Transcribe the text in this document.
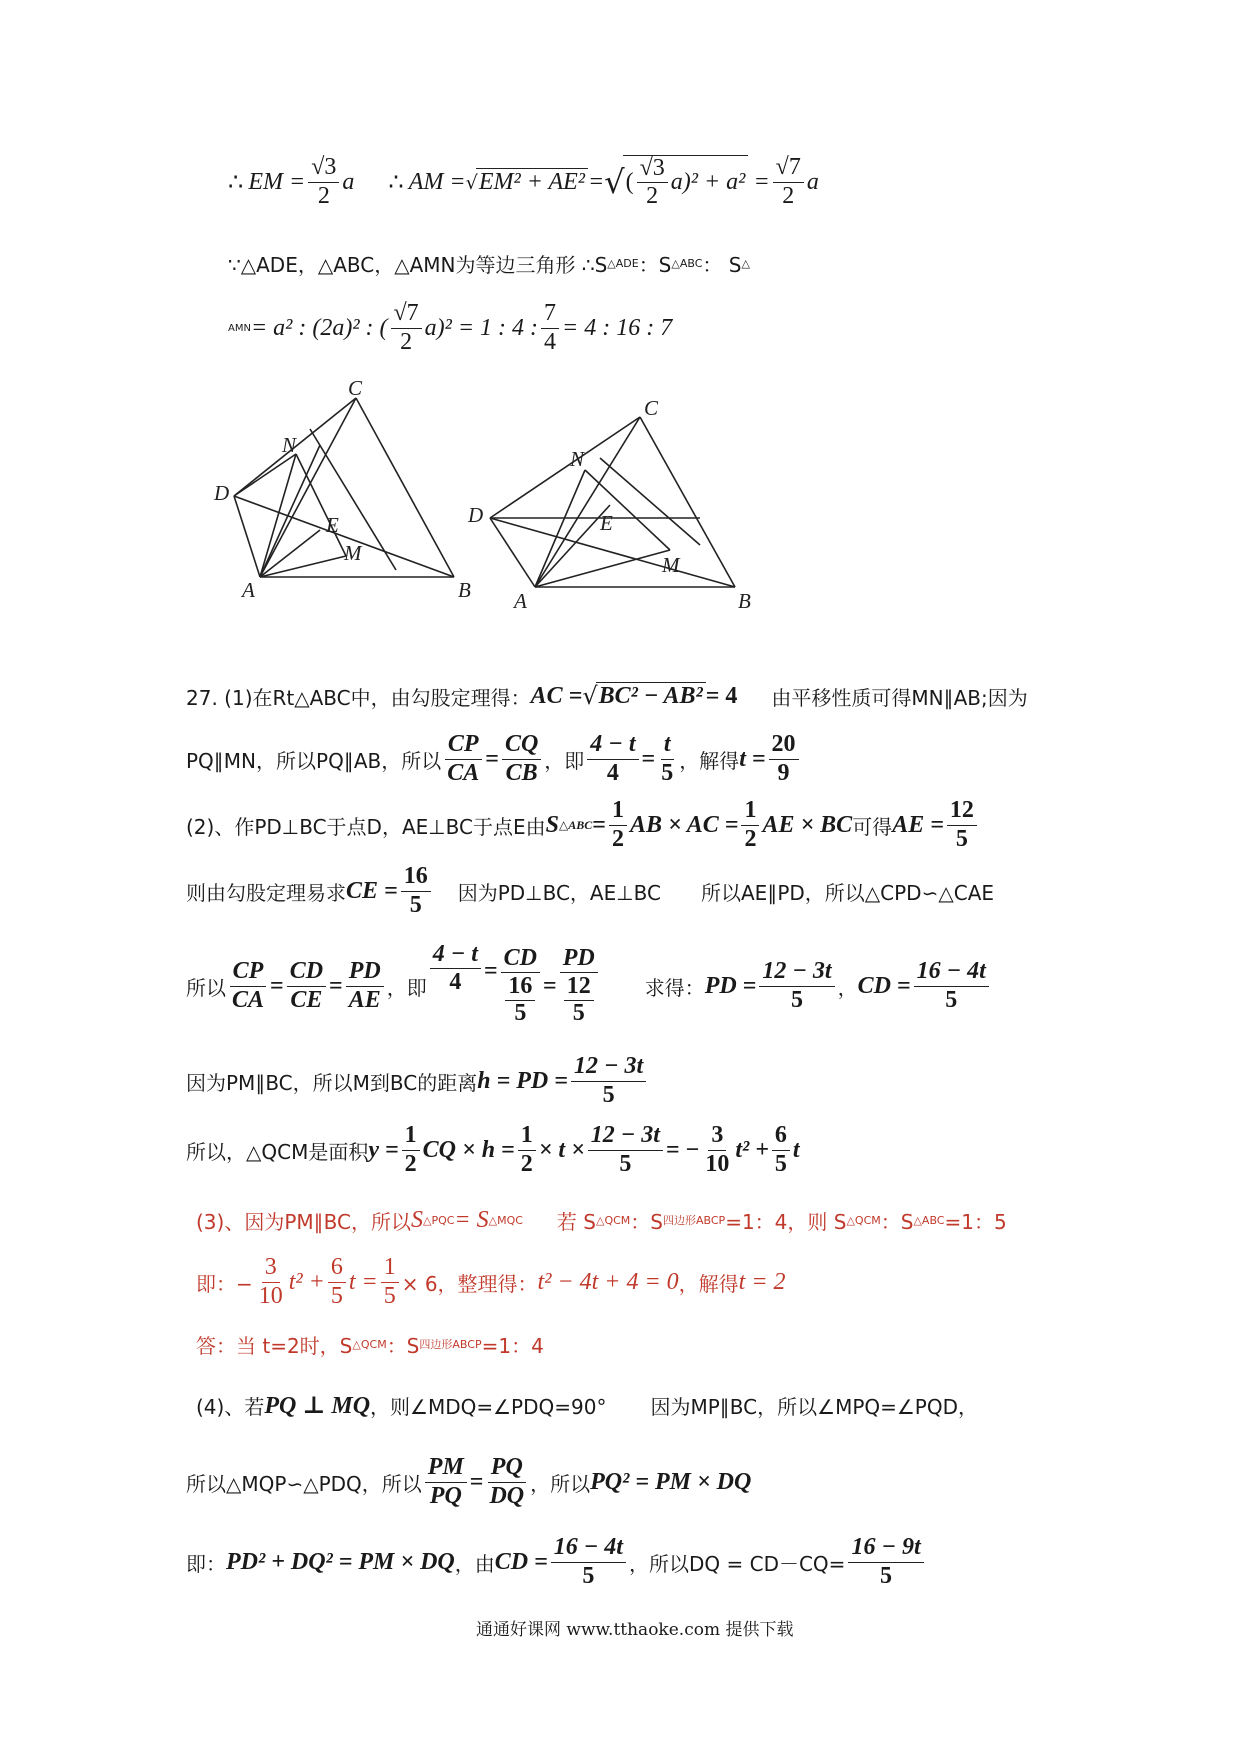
∴
EM = $\frac{√3}{2}$ a ∴
AM = √ EM² + AE² = √ ( $\frac{√3}{2} a)^2 + a^2$
= $\frac{√7}{2}$ a
∵△ADE，△ABC，△AMN为等边三角形 ∴S △ADE ：S △ABC ： S △
AMN = a² : (2a)² : ( $\frac{√7}{2} a)^2 = 1$ : 4 : $\frac{7}{4} = 4$ : 16 : 7
C
N
D
E
M
A	B
C
N
D	E
M
A	B
27. (1)在Rt△ABC中，由勾股定理得： AC = √ BC² − AB² = 4 由平移性质可得MN∥AB;因为
PQ∥MN，所以PQ∥AB，所以 $\frac{CP}{CA} = \frac{CQ}{CB}$ ，即 $\frac{4 - t}{4} = \frac{t}{5}$ ，解得 $t = \frac{20}{9}$
(2)、作PD⊥BC于点D，AE⊥BC于点E由 S △ABC = $\frac{1}{2}$ AB × AC = $\frac{1}{2}$ AE × BC 可得 AE = $\frac{12}{5}$
则由勾股定理易求 CE = $\frac{16}{5}$ 因为PD⊥BC，AE⊥BC 所以AE∥PD，所以△CPD∽△CAE
所以 $\frac{CP}{CA} = \frac{CD}{CE} = \frac{PD}{AE}$ ，即 $\frac{4 - t}{4}$ = CD
16
5 = PD
12
5 求得： PD = $\frac{12 - 3t}{5}$ ， CD = $\frac{16 - 4t}{5}$
因为PM∥BC，所以M到BC的距离 h = PD = $\frac{12 - 3t}{5}$
所以，△QCM是面积 $y = \frac{1}{2}$ CQ × $h = \frac{1}{2} \times t \times \frac{12 - 3t}{5}$ = − $\frac{3}{10} t^2 + \frac{6}{5}$ t
(3)、因为PM∥BC，所以 S △PQC = S △MQC 若 S △QCM ：S 四边形ABCP =1：4，则 S △QCM ：S △ABC =1：5
即：− $\frac{3}{10} t^2 + \frac{6}{5}$ $t = \frac{1}{5} \times 6$，整理得： t² − 4t + 4 = 0 ，解得 t = 2
答：当 t=2时，S △QCM ：S 四边形ABCP =1：4
(4)、若 PQ ⊥ MQ ，则∠MDQ=∠PDQ=90° 因为MP∥BC，所以∠MPQ=∠PQD，
所以△MQP∽△PDQ，所以 $\frac{PM}{PQ} = \frac{PQ}{DQ}$ ，所以 PQ² = PM × DQ
即： PD² + DQ² = PM × DQ ，由 CD = $\frac{16 - 4t}{5}$ ，所以DQ = $CD-CQ= \frac{16 - 9t}{5}$
通通好课网 www.tthaoke.com 提供下载
